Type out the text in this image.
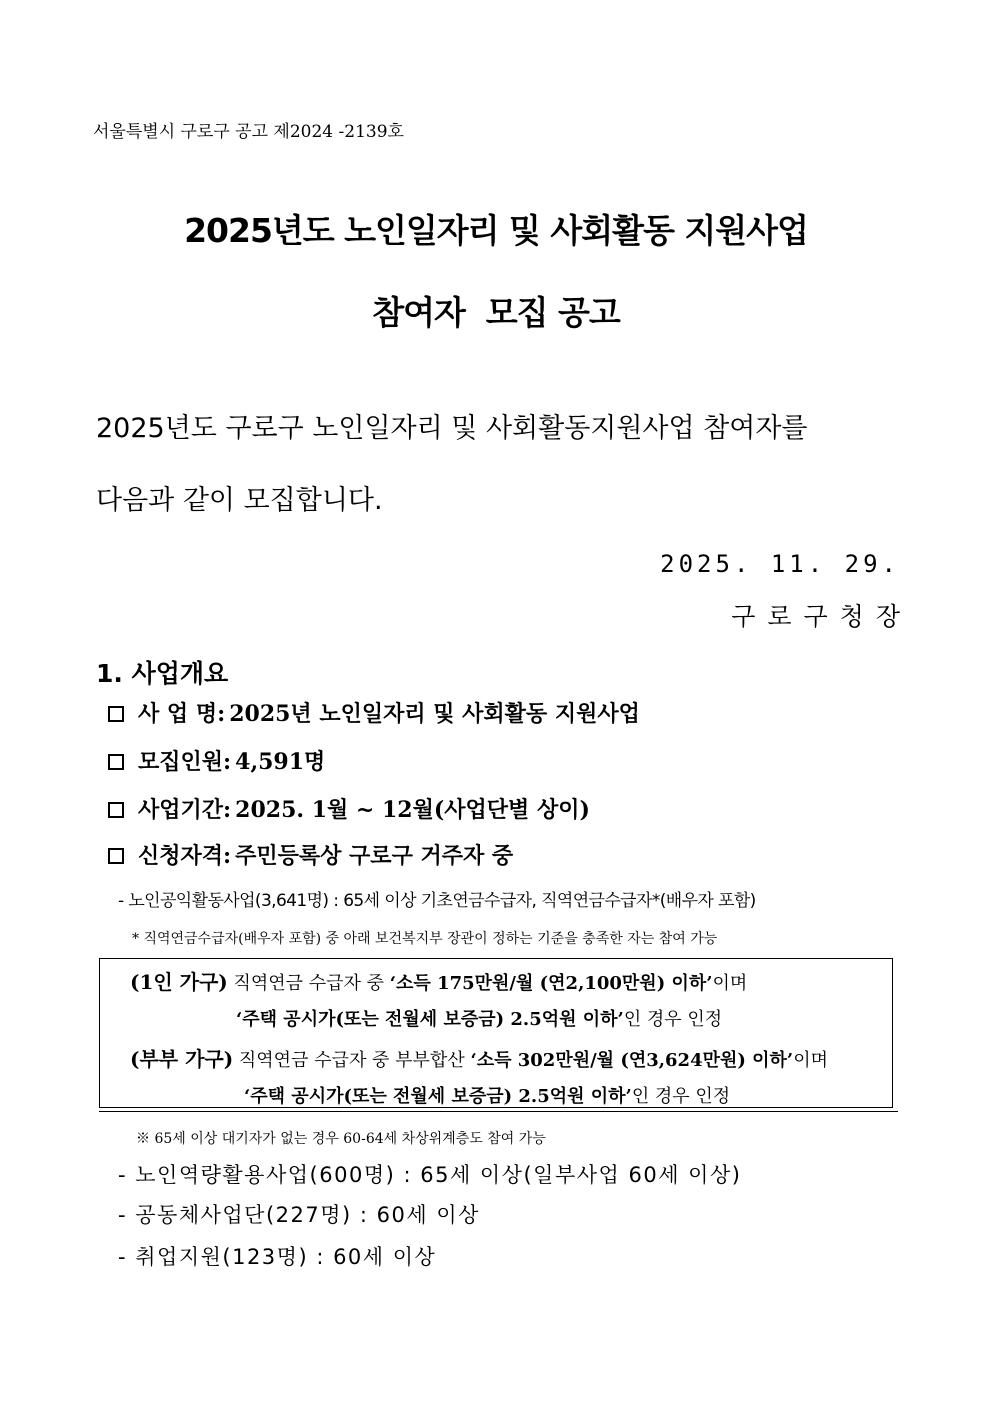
서울특별시 구로구 공고 제2024 -2139호
2025년도 노인일자리 및 사회활동 지원사업
참여자  모집 공고
2025년도 구로구 노인일자리 및 사회활동지원사업 참여자를
다음과 같이 모집합니다.
2025. 11. 29.
구로구청장
1. 사업개요
사 업 명: 2025년 노인일자리 및 사회활동 지원사업
모집인원: 4,591명
사업기간: 2025. 1월 ~ 12월(사업단별 상이)
신청자격: 주민등록상 구로구 거주자 중
- 노인공익활동사업(3,641명) : 65세 이상 기초연금수급자, 직역연금수급자*(배우자 포함)
* 직역연금수급자(배우자 포함) 중 아래 보건복지부 장관이 정하는 기준을 충족한 자는 참여 가능
(1인 가구) 직역연금 수급자 중 ‘소득 175만원/월 (연2,100만원) 이하’이며
‘주택 공시가(또는 전월세 보증금) 2.5억원 이하’인 경우 인정
(부부 가구) 직역연금 수급자 중 부부합산 ‘소득 302만원/월 (연3,624만원) 이하’이며
‘주택 공시가(또는 전월세 보증금) 2.5억원 이하’인 경우 인정
※ 65세 이상 대기자가 없는 경우 60-64세 차상위계층도 참여 가능
- 노인역량활용사업(600명) : 65세 이상(일부사업 60세 이상)
- 공동체사업단(227명) : 60세 이상
- 취업지원(123명) : 60세 이상
